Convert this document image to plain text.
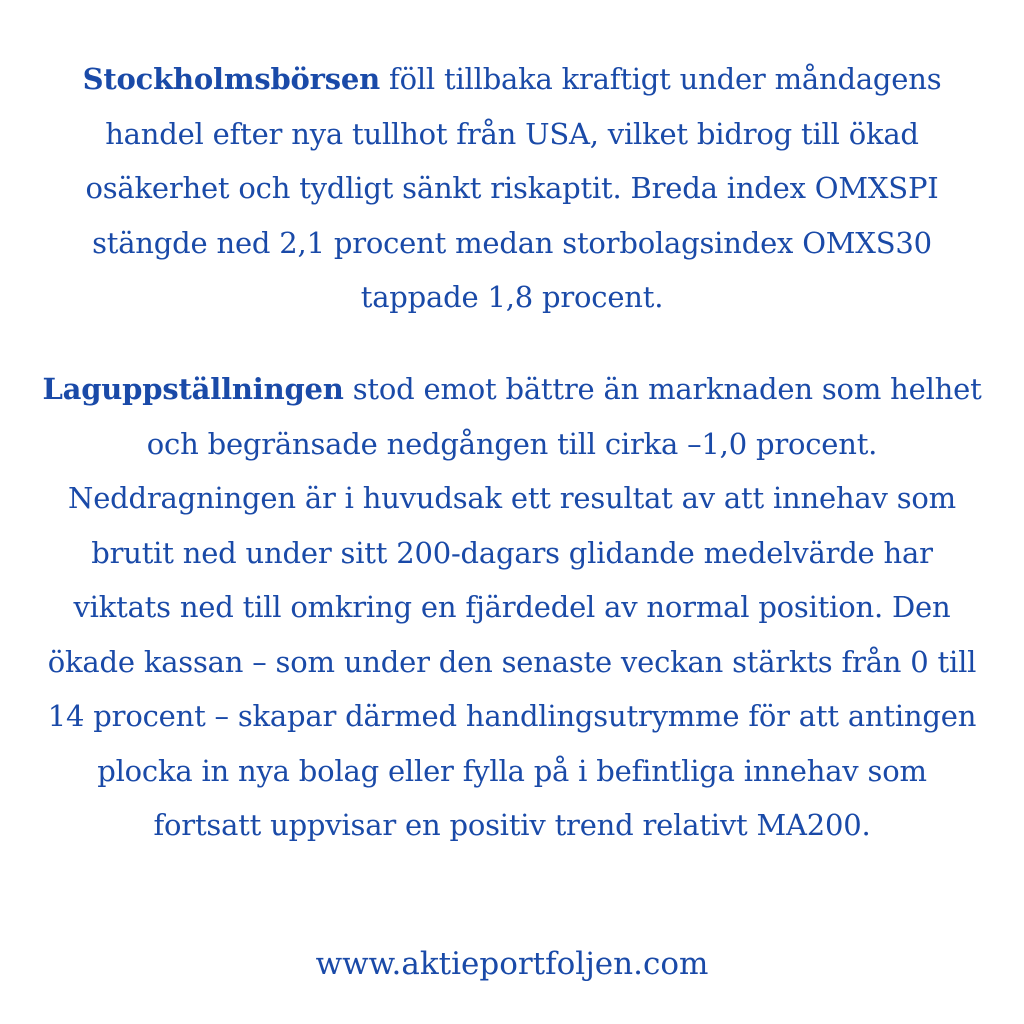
Stockholmsbörsen föll tillbaka kraftigt under måndagens handel efter nya tullhot från USA, vilket bidrog till ökad osäkerhet och tydligt sänkt riskaptit. Breda index OMXSPI stängde ned 2,1 procent medan storbolagsindex OMXS30 tappade 1,8 procent.

Laguppställningen stod emot bättre än marknaden som helhet och begränsade nedgången till cirka –1,0 procent. Neddragningen är i huvudsak ett resultat av att innehav som brutit ned under sitt 200-dagars glidande medelvärde har viktats ned till omkring en fjärdedel av normal position. Den ökade kassan – som under den senaste veckan stärkts från 0 till 14 procent – skapar därmed handlingsutrymme för att antingen plocka in nya bolag eller fylla på i befintliga innehav som fortsatt uppvisar en positiv trend relativt MA200.

www.aktieportfoljen.com
